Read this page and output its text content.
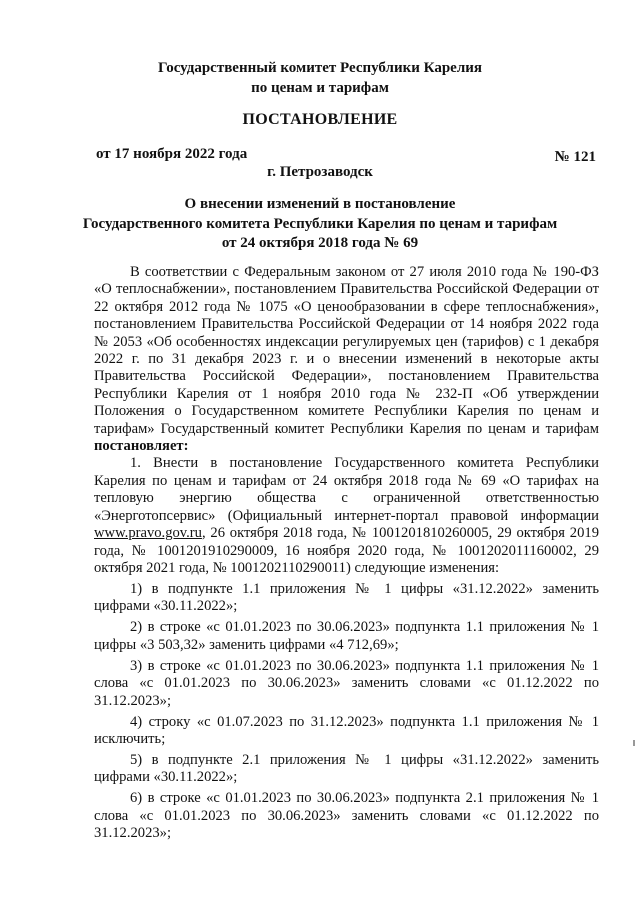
Государственный комитет Республики Карелия
по ценам и тарифам
ПОСТАНОВЛЕНИЕ
от 17 ноября 2022 года	№ 121
г. Петрозаводск
О внесении изменений в постановление
Государственного комитета Республики Карелия по ценам и тарифам
от 24 октября 2018 года № 69

В соответствии с Федеральным законом от 27 июля 2010 года № 190-ФЗ «О теплоснабжении», постановлением Правительства Российской Федерации от 22 октября 2012 года № 1075 «О ценообразовании в сфере теплоснабжения», постановлением Правительства Российской Федерации от 14 ноября 2022 года № 2053 «Об особенностях индексации регулируемых цен (тарифов) с 1 декабря 2022 г. по 31 декабря 2023 г. и о внесении изменений в некоторые акты Правительства Российской Федерации», постановлением Правительства Республики Карелия от 1 ноября 2010 года № 232-П «Об утверждении Положения о Государственном комитете Республики Карелия по ценам и тарифам» Государственный комитет Республики Карелия по ценам и тарифам постановляет:

1. Внести в постановление Государственного комитета Республики Карелия по ценам и тарифам от 24 октября 2018 года № 69 «О тарифах на тепловую энергию общества с ограниченной ответственностью «Энерготопсервис» (Официальный интернет-портал правовой информации www.pravo.gov.ru, 26 октября 2018 года, № 1001201810260005, 29 октября 2019 года, № 1001201910290009, 16 ноября 2020 года, № 1001202011160002, 29 октября 2021 года, № 1001202110290011) следующие изменения:

1) в подпункте 1.1 приложения № 1 цифры «31.12.2022» заменить цифрами «30.11.2022»;

2) в строке «с 01.01.2023 по 30.06.2023» подпункта 1.1 приложения № 1 цифры «3 503,32» заменить цифрами «4 712,69»;

3) в строке «с 01.01.2023 по 30.06.2023» подпункта 1.1 приложения № 1 слова «с 01.01.2023 по 30.06.2023» заменить словами «с 01.12.2022 по 31.12.2023»;

4) строку «с 01.07.2023 по 31.12.2023» подпункта 1.1 приложения № 1 исключить;

5) в подпункте 2.1 приложения № 1 цифры «31.12.2022» заменить цифрами «30.11.2022»;

6) в строке «с 01.01.2023 по 30.06.2023» подпункта 2.1 приложения № 1 слова «с 01.01.2023 по 30.06.2023» заменить словами «с 01.12.2022 по 31.12.2023»;
